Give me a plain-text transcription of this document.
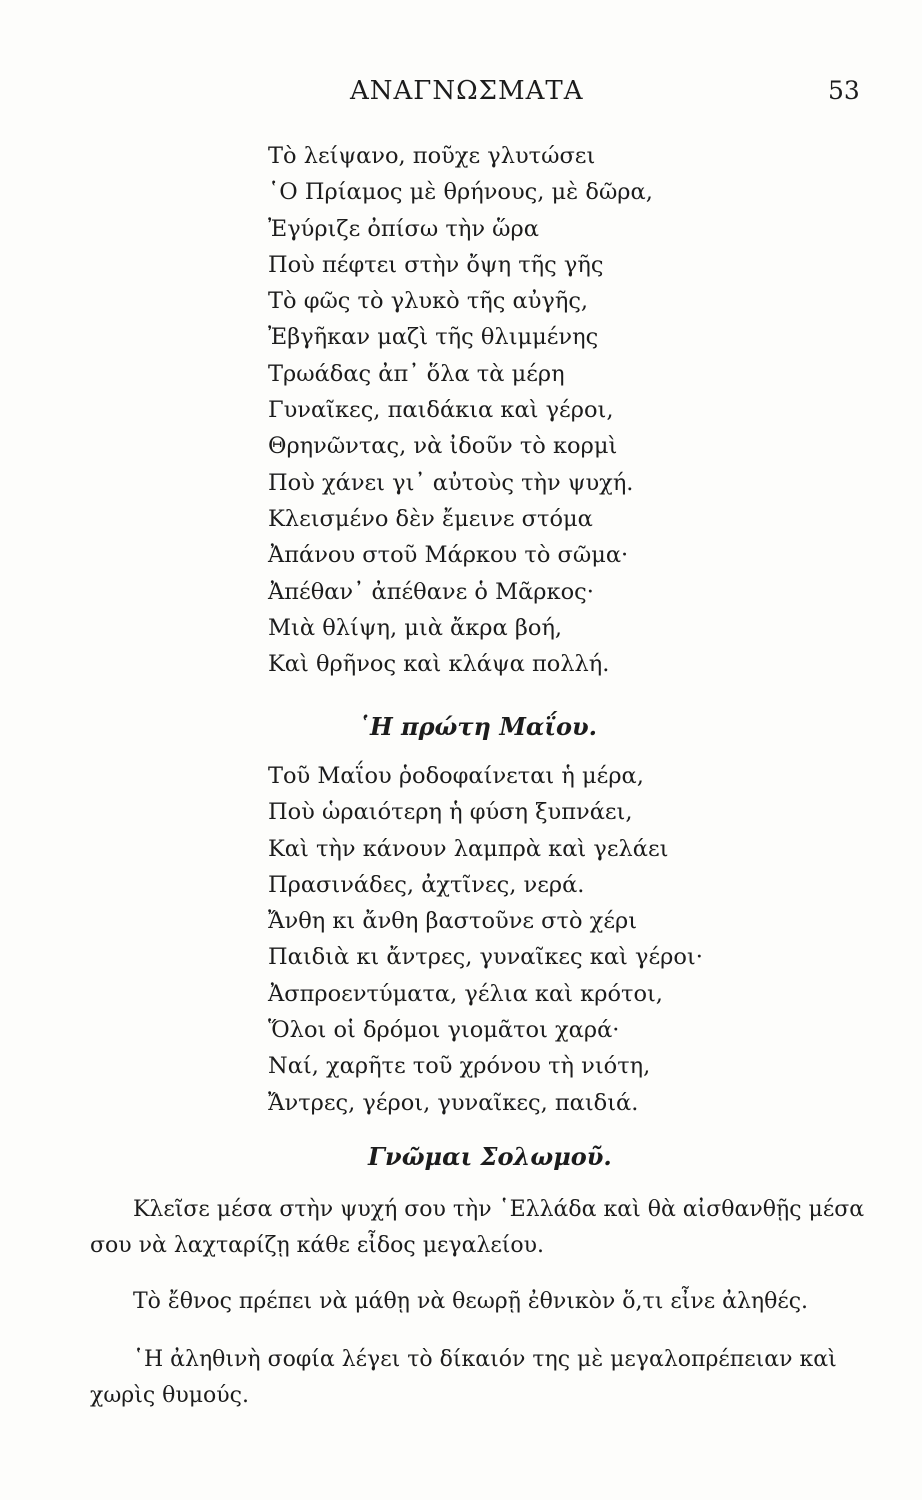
ΑΝΑΓΝΩΣΜΑΤΑ	53
Τὸ λείψανο, ποῦχε γλυτώσει
῾Ο Πρίαμος μὲ θρήνους, μὲ δῶρα,
Ἐγύριζε ὀπίσω τὴν ὥρα
Ποὺ πέφτει στὴν ὄψη τῆς γῆς
Τὸ φῶς τὸ γλυκὸ τῆς αὐγῆς,
Ἐβγῆκαν μαζὶ τῆς θλιμμένης
Τρωάδας ἀπ᾽ ὅλα τὰ μέρη
Γυναῖκες, παιδάκια καὶ γέροι,
Θρηνῶντας, νὰ ἰδοῦν τὸ κορμὶ
Ποὺ χάνει γι᾽ αὐτοὺς τὴν ψυχή.
Κλεισμένο δὲν ἔμεινε στόμα
Ἀπάνου στοῦ Μάρκου τὸ σῶμα·
Ἀπέθαν᾽ ἀπέθανε ὁ Μᾶρκος·
Μιὰ θλίψη, μιὰ ἄκρα βοή,
Καὶ θρῆνος καὶ κλάψα πολλή.
῾Η πρώτη Μαΐου.
Τοῦ Μαΐου ῥοδοφαίνεται ἡ μέρα,
Ποὺ ὡραιότερη ἡ φύση ξυπνάει,
Καὶ τὴν κάνουν λαμπρὰ καὶ γελάει
Πρασινάδες, ἀχτῖνες, νερά.
Ἄνθη κι ἄνθη βαστοῦνε στὸ χέρι
Παιδιὰ κι ἄντρες, γυναῖκες καὶ γέροι·
Ἀσπροεντύματα, γέλια καὶ κρότοι,
Ὅλοι οἱ δρόμοι γιομᾶτοι χαρά·
Ναί, χαρῆτε τοῦ χρόνου τὴ νιότη,
Ἄντρες, γέροι, γυναῖκες, παιδιά.
Γνῶμαι Σολωμοῦ.

Κλεῖσε μέσα στὴν ψυχή σου τὴν ῾Ελλάδα καὶ θὰ αἰσθανθῇς μέσα σου νὰ λαχταρίζῃ κάθε εἶδος μεγαλείου.

Τὸ ἔθνος πρέπει νὰ μάθῃ νὰ θεωρῇ ἐθνικὸν ὅ,τι εἶνε ἀληθές.

῾Η ἀληθινὴ σοφία λέγει τὸ δίκαιόν της μὲ μεγαλοπρέπειαν καὶ χωρὶς θυμούς.
